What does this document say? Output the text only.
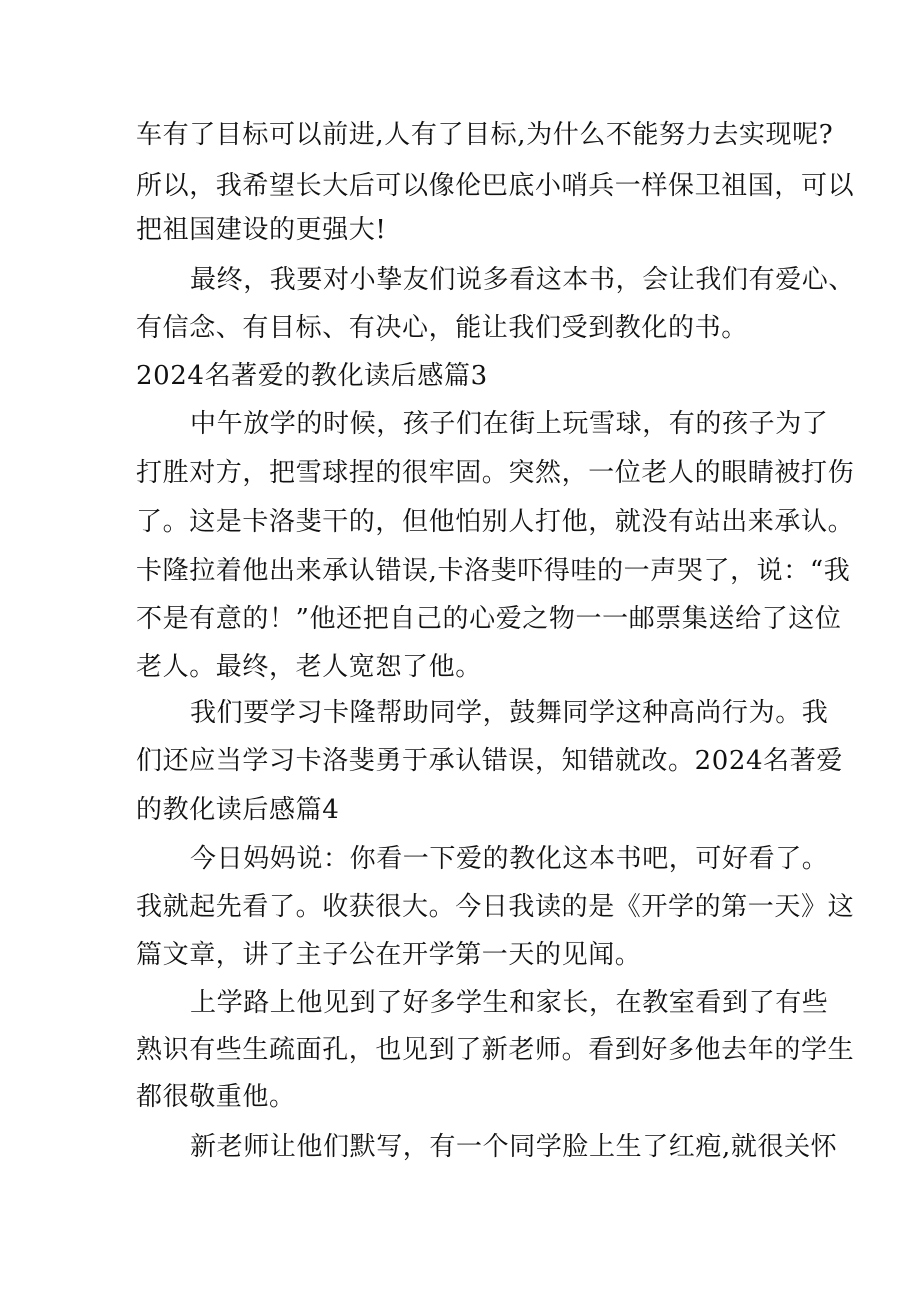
车有了目标可以前进,人有了目标,为什么不能努力去实现呢?
所以，我希望长大后可以像伦巴底小哨兵一样保卫祖国，可以
把祖国建设的更强大!
最终，我要对小挚友们说多看这本书，会让我们有爱心、
有信念、有目标、有决心，能让我们受到教化的书。
2024名著爱的教化读后感篇3
中午放学的时候，孩子们在街上玩雪球，有的孩子为了
打胜对方，把雪球捏的很牢固。突然，一位老人的眼睛被打伤
了。这是卡洛斐干的，但他怕别人打他，就没有站出来承认。
卡隆拉着他出来承认错误,卡洛斐吓得哇的一声哭了，说：“我
不是有意的！”他还把自己的心爱之物一一邮票集送给了这位
老人。最终，老人宽恕了他。
我们要学习卡隆帮助同学，鼓舞同学这种高尚行为。我
们还应当学习卡洛斐勇于承认错误，知错就改。2024名著爱
的教化读后感篇4
今日妈妈说：你看一下爱的教化这本书吧，可好看了。
我就起先看了。收获很大。今日我读的是《开学的第一天》这
篇文章，讲了主子公在开学第一天的见闻。
上学路上他见到了好多学生和家长，在教室看到了有些
熟识有些生疏面孔，也见到了新老师。看到好多他去年的学生
都很敬重他。
新老师让他们默写，有一个同学脸上生了红疱,就很关怀
